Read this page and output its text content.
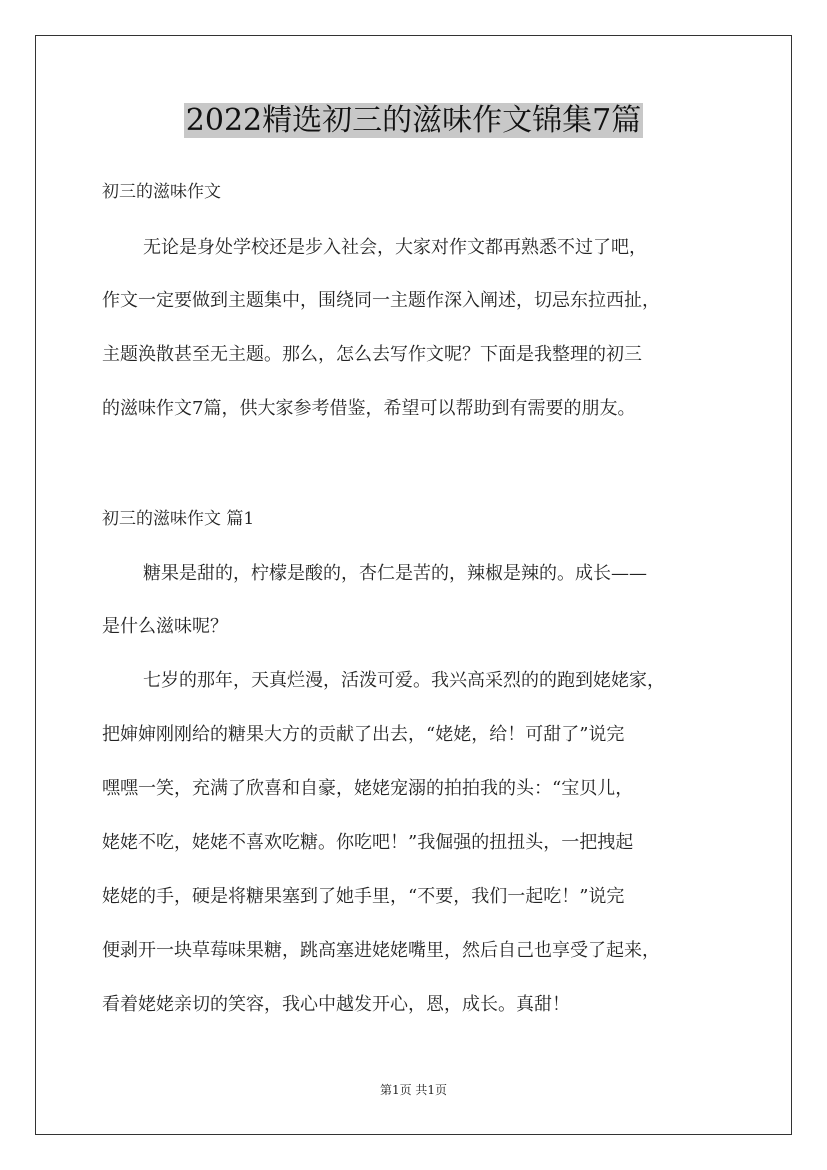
2022精选初三的滋味作文锦集7篇
初三的滋味作文
无论是身处学校还是步入社会，大家对作文都再熟悉不过了吧，
作文一定要做到主题集中，围绕同一主题作深入阐述，切忌东拉西扯，
主题涣散甚至无主题。那么，怎么去写作文呢？下面是我整理的初三
的滋味作文7篇，供大家参考借鉴，希望可以帮助到有需要的朋友。
初三的滋味作文 篇1
糖果是甜的，柠檬是酸的，杏仁是苦的，辣椒是辣的。成长——
是什么滋味呢？
七岁的那年，天真烂漫，活泼可爱。我兴高采烈的的跑到姥姥家，
把婶婶刚刚给的糖果大方的贡献了出去，“姥姥，给！可甜了”说完
嘿嘿一笑，充满了欣喜和自豪，姥姥宠溺的拍拍我的头：“宝贝儿，
姥姥不吃，姥姥不喜欢吃糖。你吃吧！”我倔强的扭扭头，一把拽起
姥姥的手，硬是将糖果塞到了她手里，“不要，我们一起吃！”说完
便剥开一块草莓味果糖，跳高塞进姥姥嘴里，然后自己也享受了起来，
看着姥姥亲切的笑容，我心中越发开心，恩，成长。真甜！
第1页 共1页
